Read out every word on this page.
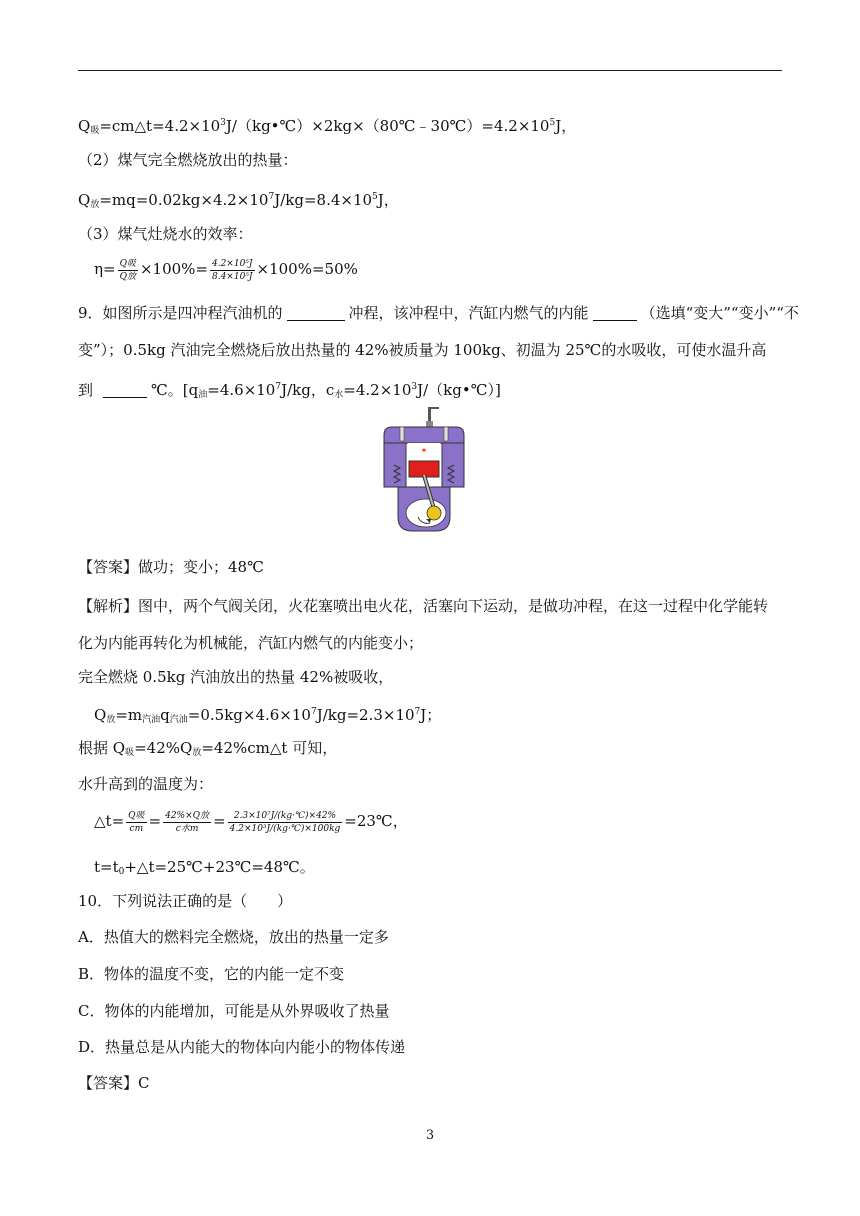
$Q_吸=cm\triangle t=4.2\times 10^3J/(kg•℃)\times 2kg\times(80℃﹣30℃)=4.2\times 10^5J$，
（2）煤气完全燃烧放出的热量：
$Q_放=mq=0.02kg\times 4.2\times 10^7J/kg=8.4\times 10^5J$，
（3）煤气灶烧水的效率：
$\eta= \frac{\text{Q吸}}{\text{Q放}} \times 100\%= \frac{\text{4.2×10⁵J}}{\text{8.4×10⁵J}} \times 100\%=50\%$
9．如图所示是四冲程汽油机的	冲程，该冲程中，汽缸内燃气的内能	（选填“变大”“变小”“不
变”）；0.5kg 汽油完全燃烧后放出热量的 42%被质量为 100kg、初温为 25℃的水吸收，可使水温升高
到	℃。[$q_油=4.6\times 10^7J/kg$，$c_水=4.2\times 10^3J/(kg•℃)$]
✶
【答案】做功；变小；48℃
【解析】图中，两个气阀关闭，火花塞喷出电火花，活塞向下运动，是做功冲程，在这一过程中化学能转
化为内能再转化为机械能，汽缸内燃气的内能变小；
完全燃烧 0.5kg 汽油放出的热量 42%被吸收，
$Q_放=m_{汽油}q_{汽油}=0.5kg\times 4.6\times 10^7J/kg=2.3\times 10^7J$；
根据 $Q_吸=42\%Q_放=42\%cm\triangle t$ 可知，
水升高到的温度为：
△t= $\frac{\text{Q吸}}{cm} = \frac{\text{42\%×Q放}}{\text{c水m}} = \frac{\text{2.3×10⁷J/(kg·℃)×42\%}}{\text{4.2×10³J/(kg·℃)×100kg}}$ =23℃，
$t=t_0+\triangle t=25℃+23℃=48℃$。
10．下列说法正确的是（　　）
A．热值大的燃料完全燃烧，放出的热量一定多
B．物体的温度不变，它的内能一定不变
C．物体的内能增加，可能是从外界吸收了热量
D．热量总是从内能大的物体向内能小的物体传递
【答案】C
3
